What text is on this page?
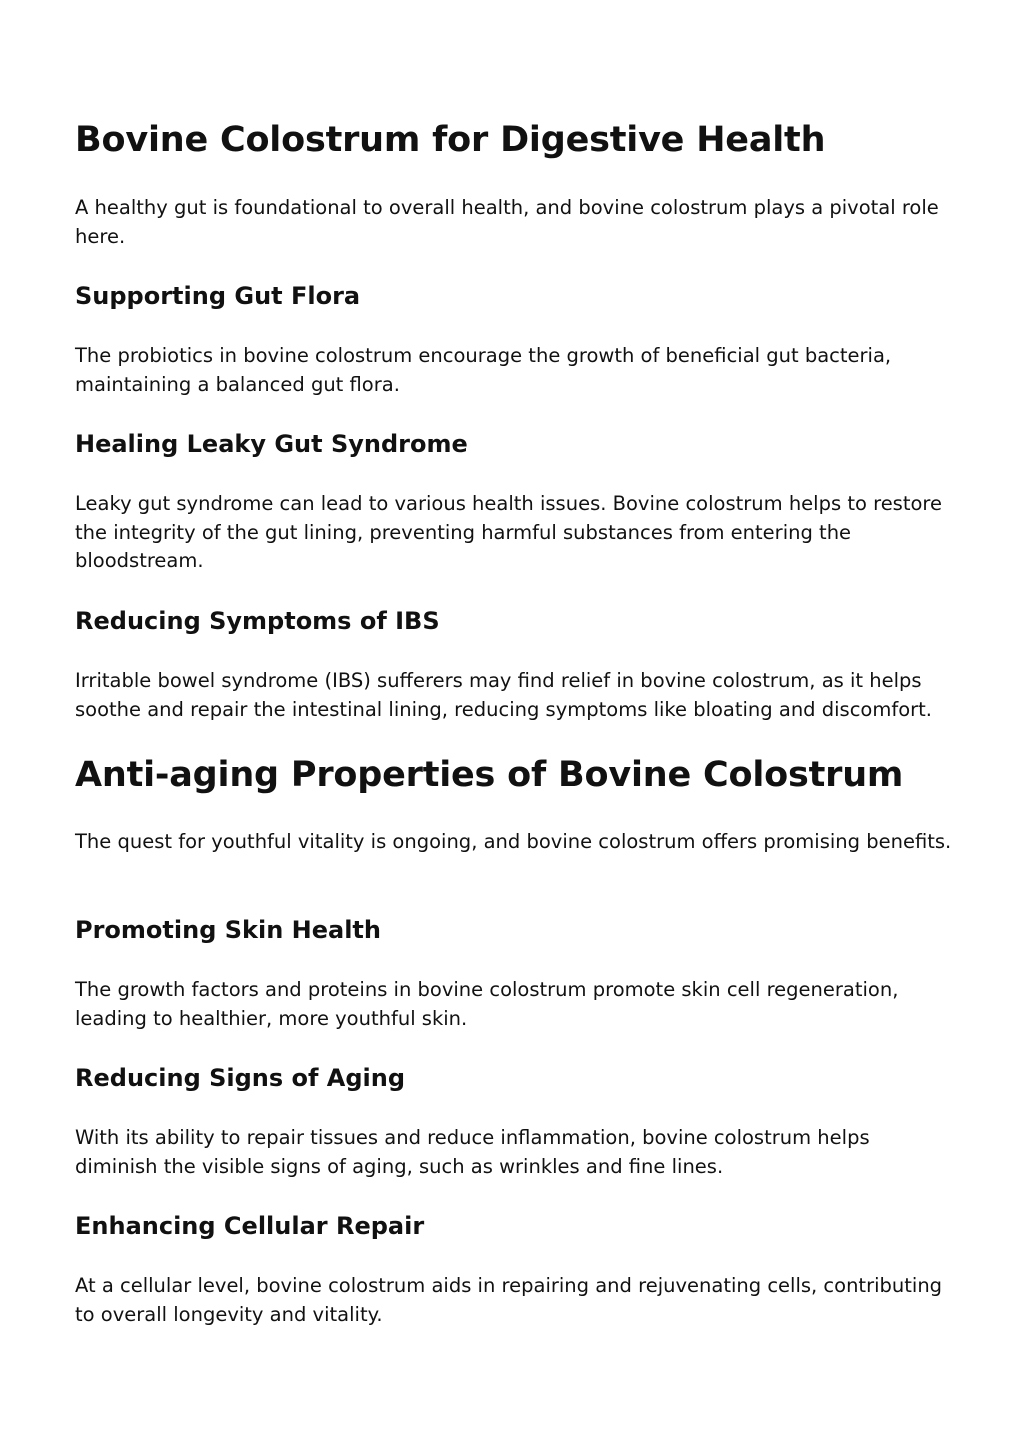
Bovine Colostrum for Digestive Health

A healthy gut is foundational to overall health, and bovine colostrum plays a pivotal role here.

Supporting Gut Flora

The probiotics in bovine colostrum encourage the growth of beneficial gut bacteria, maintaining a balanced gut flora.

Healing Leaky Gut Syndrome

Leaky gut syndrome can lead to various health issues. Bovine colostrum helps to restore the integrity of the gut lining, preventing harmful substances from entering the bloodstream.

Reducing Symptoms of IBS

Irritable bowel syndrome (IBS) sufferers may find relief in bovine colostrum, as it helps soothe and repair the intestinal lining, reducing symptoms like bloating and discomfort.

Anti-aging Properties of Bovine Colostrum

The quest for youthful vitality is ongoing, and bovine colostrum offers promising benefits.

Promoting Skin Health

The growth factors and proteins in bovine colostrum promote skin cell regeneration, leading to healthier, more youthful skin.

Reducing Signs of Aging

With its ability to repair tissues and reduce inflammation, bovine colostrum helps diminish the visible signs of aging, such as wrinkles and fine lines.

Enhancing Cellular Repair

At a cellular level, bovine colostrum aids in repairing and rejuvenating cells, contributing to overall longevity and vitality.
